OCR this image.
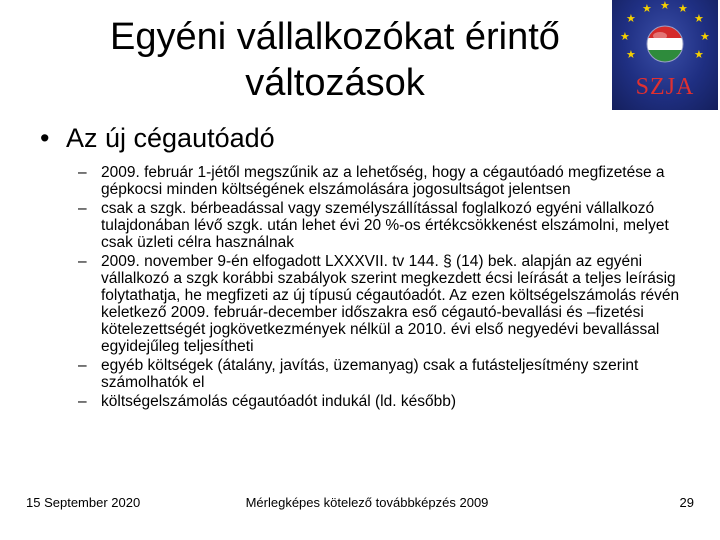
Egyéni vállalkozókat érintő
változások
★
★ ★ ★
★
★	★
★	★
SZJA
• Az új cégautóadó
– 2009. február 1-jétől megszűnik az a lehetőség, hogy a cégautóadó megfizetése a gépkocsi minden költségének elszámolására jogosultságot jelentsen
– csak a szgk. bérbeadással vagy személyszállítással foglalkozó egyéni vállalkozó tulajdonában lévő szgk. után lehet évi 20 %-os értékcsökkenést elszámolni, melyet csak üzleti célra használnak
– 2009. november 9-én elfogadott LXXXVII. tv 144. § (14) bek. alapján az egyéni vállalkozó a szgk korábbi szabályok szerint megkezdett écsi leírását a teljes leírásig folytathatja, he megfizeti az új típusú cégautóadót. Az ezen költségelszámolás révén keletkező 2009. február-december időszakra eső cégautó-bevallási és –fizetési kötelezettségét jogkövetkezmények nélkül a 2010. évi első negyedévi bevallással egyidejűleg teljesítheti
– egyéb költségek (átalány, javítás, üzemanyag) csak a futásteljesítmény szerint számolhatók el
– költségelszámolás cégautóadót indukál (ld. később)
15 September 2020	Mérlegképes kötelező továbbképzés 2009	29
